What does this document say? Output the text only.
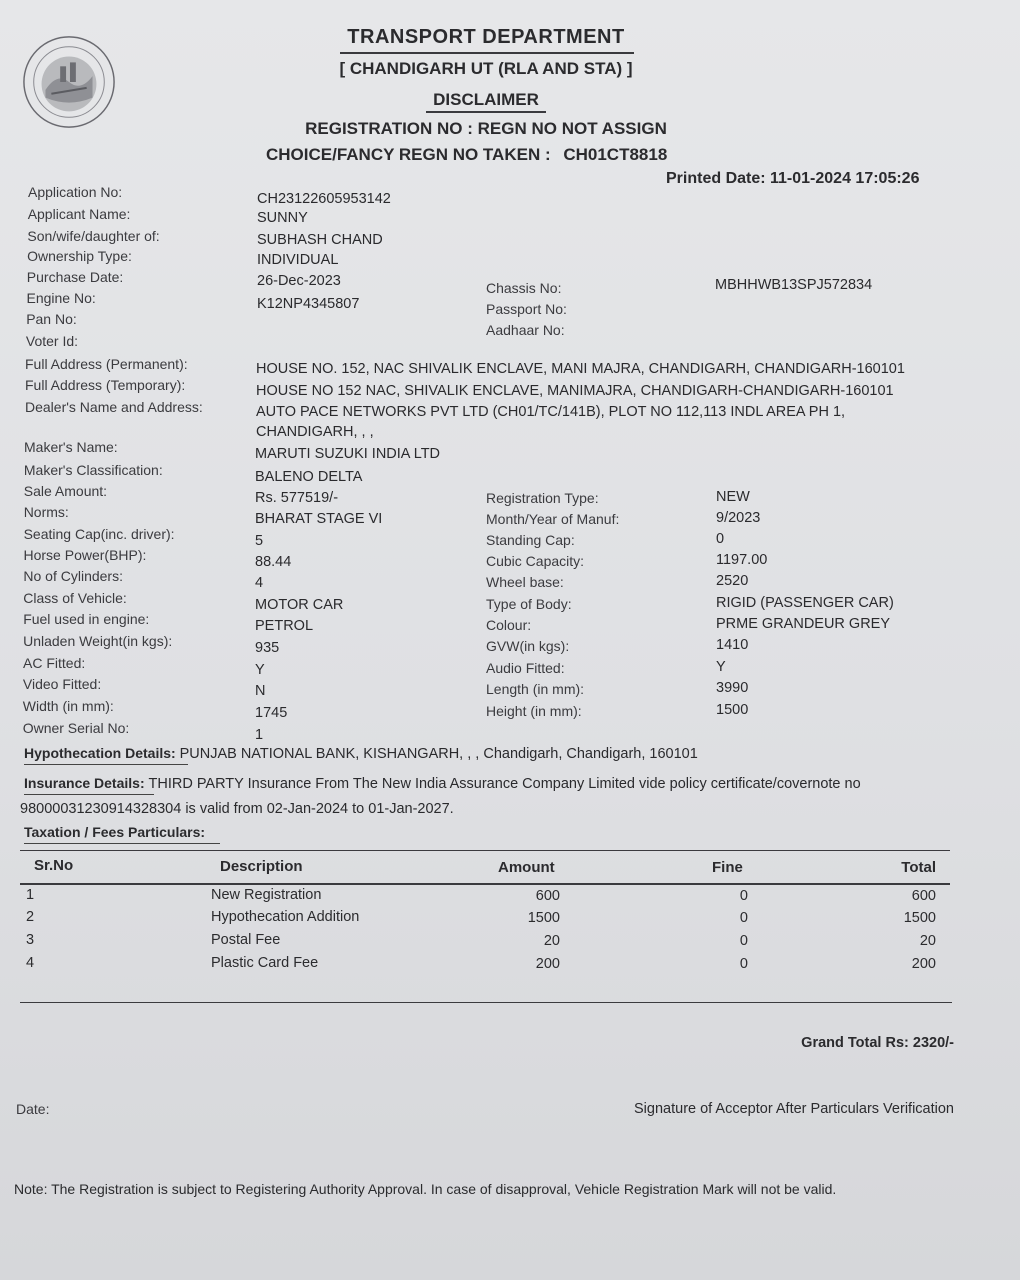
TRANSPORT DEPARTMENT
[ CHANDIGARH UT (RLA AND STA) ]
DISCLAIMER
REGISTRATION NO : REGN NO NOT ASSIGN
CHOICE/FANCY REGN NO TAKEN : CH01CT8818
Printed Date: 11-01-2024 17:05:26
Application No:	CH23122605953142
Applicant Name:	SUNNY
Son/wife/daughter of:	SUBHASH CHAND
Ownership Type:	INDIVIDUAL
Purchase Date:	26-Dec-2023
Engine No:	K12NP4345807
Pan No:
Voter Id:
Chassis No:	MBHHWB13SPJ572834
Passport No:
Aadhaar No:
Full Address (Permanent):	HOUSE NO. 152, NAC SHIVALIK ENCLAVE, MANI MAJRA, CHANDIGARH, CHANDIGARH-160101
Full Address (Temporary):	HOUSE NO 152 NAC, SHIVALIK ENCLAVE, MANIMAJRA, CHANDIGARH-CHANDIGARH-160101
Dealer's Name and Address:	AUTO PACE NETWORKS PVT LTD (CH01/TC/141B), PLOT NO 112,113 INDL AREA PH 1,
CHANDIGARH, , ,
Maker's Name:	MARUTI SUZUKI INDIA LTD
Maker's Classification:	BALENO DELTA
Sale Amount:	Rs. 577519/-
Norms:	BHARAT STAGE VI
Seating Cap(inc. driver):	5
Horse Power(BHP):	88.44
No of Cylinders:	4
Class of Vehicle:	MOTOR CAR
Fuel used in engine:	PETROL
Unladen Weight(in kgs):	935
AC Fitted:	Y
Video Fitted:	N
Width (in mm):	1745
Owner Serial No:	1
Registration Type:	NEW
Month/Year of Manuf:	9/2023
Standing Cap:	0
Cubic Capacity:	1197.00
Wheel base:	2520
Type of Body:	RIGID (PASSENGER CAR)
Colour:	PRME GRANDEUR GREY
GVW(in kgs):	1410
Audio Fitted:	Y
Length (in mm):	3990
Height (in mm):	1500
Hypothecation Details: PUNJAB NATIONAL BANK, KISHANGARH, , , Chandigarh, Chandigarh, 160101
Insurance Details: THIRD PARTY Insurance From The New India Assurance Company Limited vide policy certificate/covernote no
98000031230914328304 is valid from 02-Jan-2024 to 01-Jan-2027.
Taxation / Fees Particulars:
Sr.No	Description	Amount	Fine	Total
1	New Registration	600	0	600
2	Hypothecation Addition	1500	0	1500
3	Postal Fee	20	0	20
4	Plastic Card Fee	200	0	200
Grand Total Rs: 2320/-
Date:	Signature of Acceptor After Particulars Verification
Note: The Registration is subject to Registering Authority Approval. In case of disapproval, Vehicle Registration Mark will not be valid.
